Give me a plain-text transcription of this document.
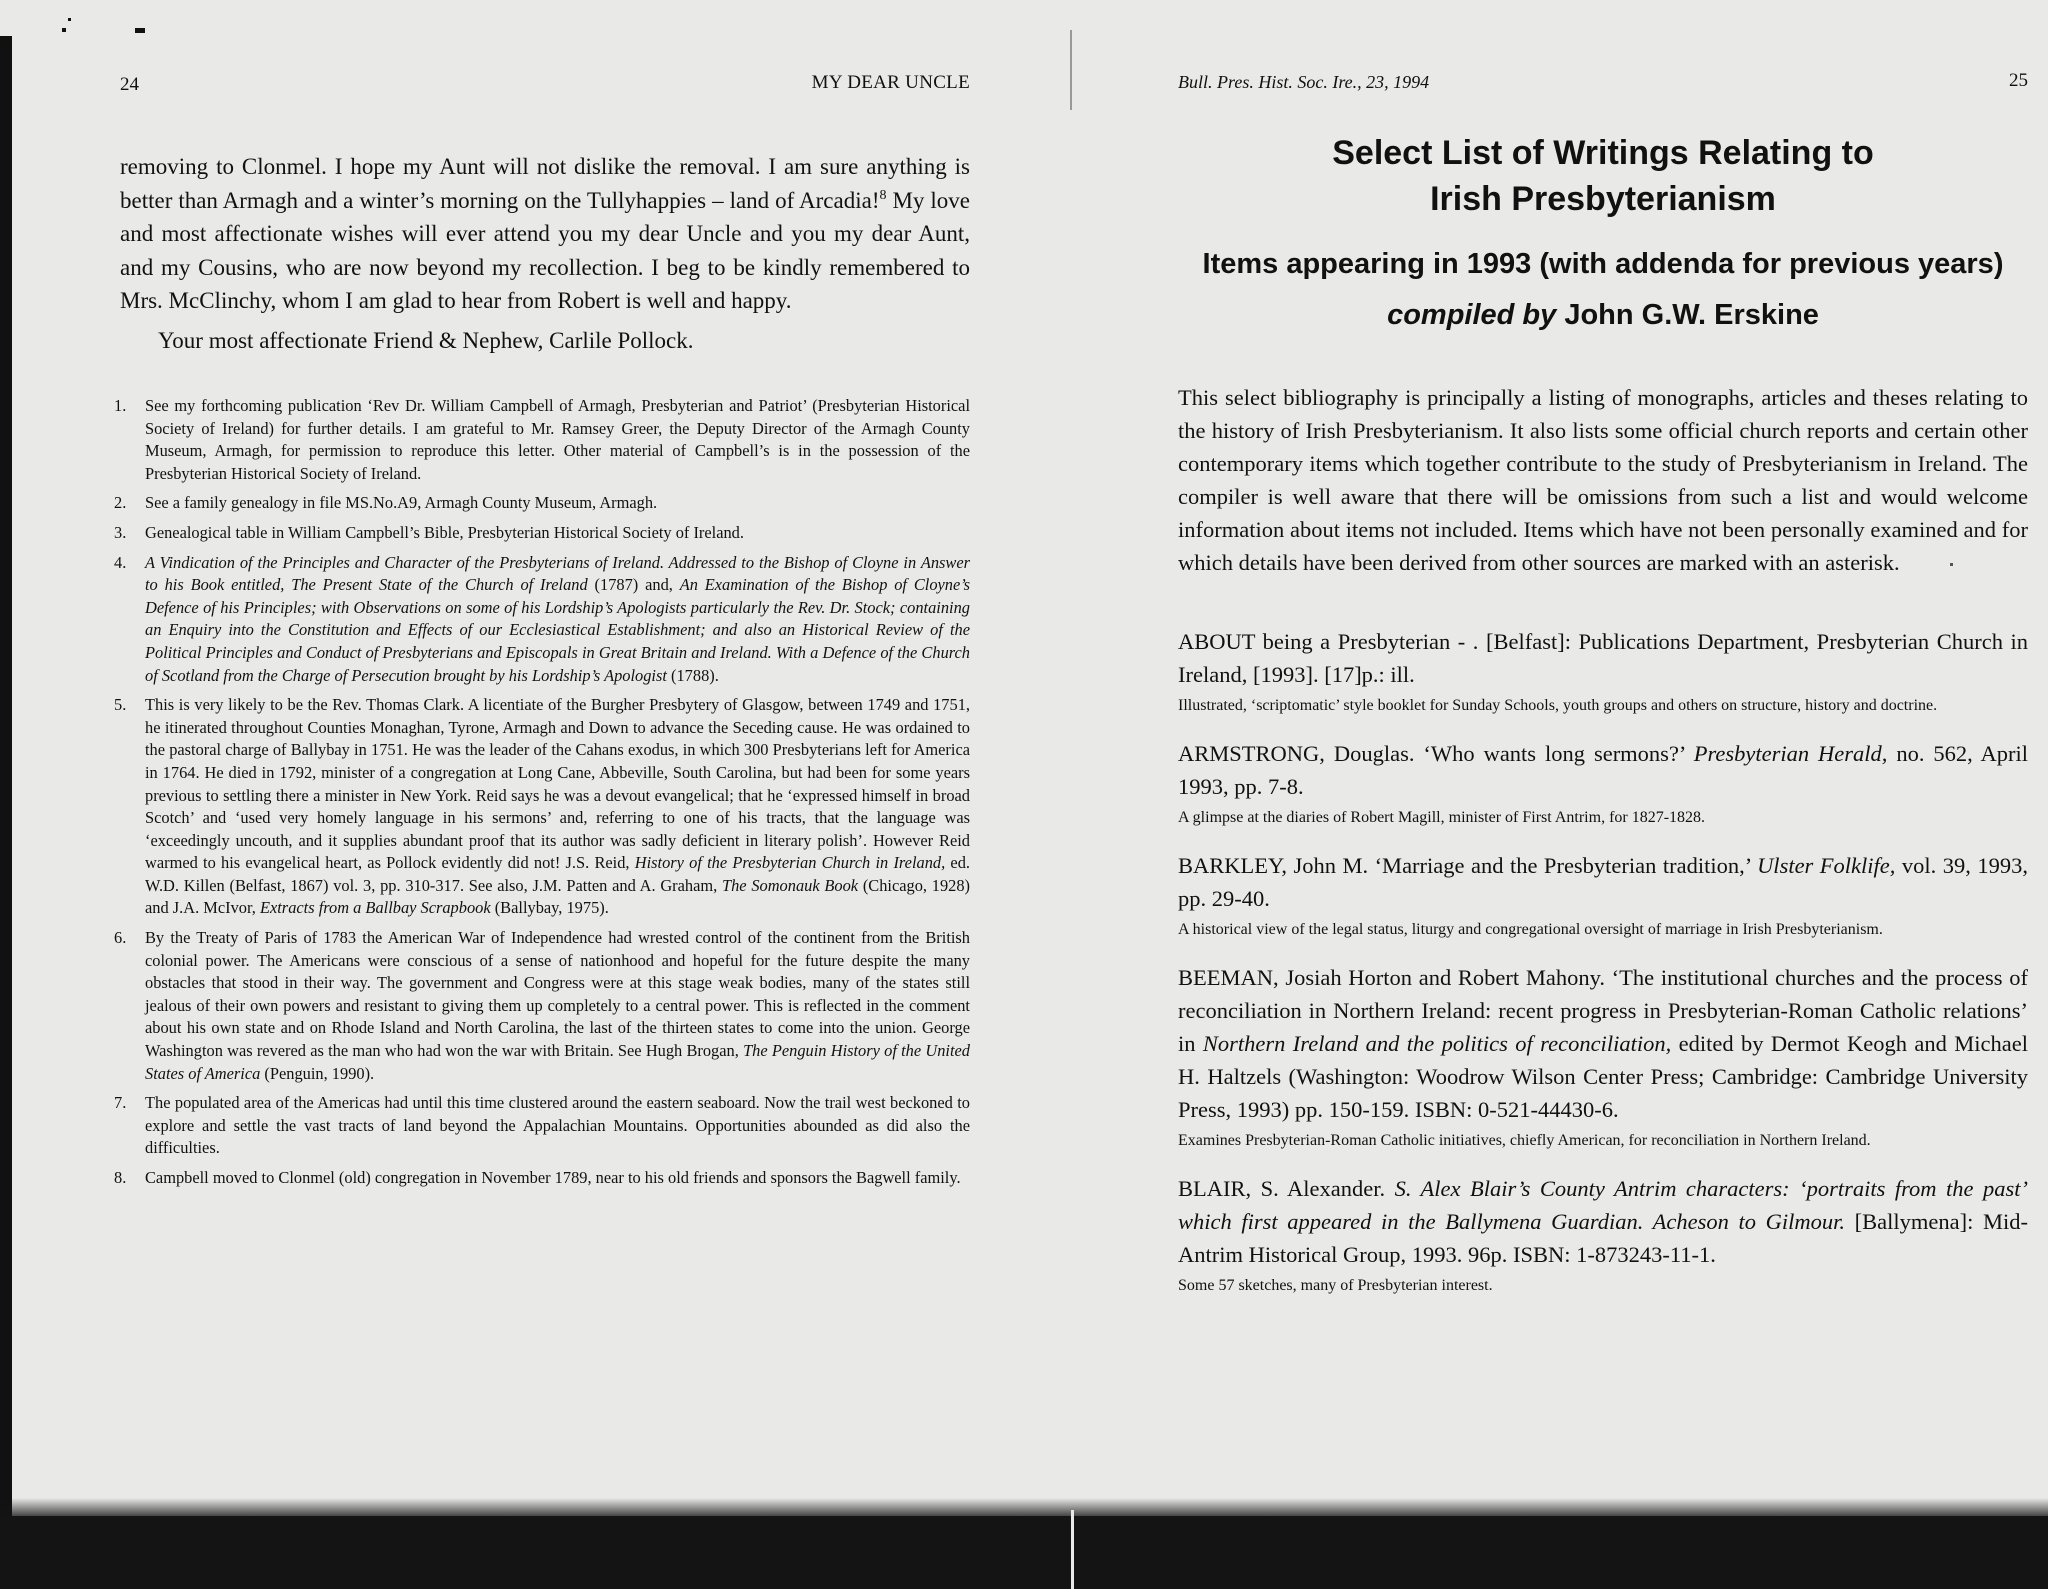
24	MY DEAR UNCLE

removing to Clonmel. I hope my Aunt will not dislike the removal. I am sure anything is better than Armagh and a winter’s morning on the Tullyhappies – land of Arcadia!$^8$ My love and most affectionate wishes will ever attend you my dear Uncle and you my dear Aunt, and my Cousins, who are now beyond my recollection. I beg to be kindly remembered to Mrs. McClinchy, whom I am glad to hear from Robert is well and happy.

Your most affectionate Friend & Nephew, Carlile Pollock.

1. See my forthcoming publication ‘Rev Dr. William Campbell of Armagh, Presbyterian and Patriot’ (Presbyterian Historical Society of Ireland) for further details. I am grateful to Mr. Ramsey Greer, the Deputy Director of the Armagh County Museum, Armagh, for permission to reproduce this letter. Other material of Campbell’s is in the possession of the Presbyterian Historical Society of Ireland.
2. See a family genealogy in file MS.No.A9, Armagh County Museum, Armagh.
3. Genealogical table in William Campbell’s Bible, Presbyterian Historical Society of Ireland.
4. A Vindication of the Principles and Character of the Presbyterians of Ireland. Addressed to the Bishop of Cloyne in Answer to his Book entitled, The Present State of the Church of Ireland (1787) and, An Examination of the Bishop of Cloyne’s Defence of his Principles; with Observations on some of his Lordship’s Apologists particularly the Rev. Dr. Stock; containing an Enquiry into the Constitution and Effects of our Ecclesiastical Establishment; and also an Historical Review of the Political Principles and Conduct of Presbyterians and Episcopals in Great Britain and Ireland. With a Defence of the Church of Scotland from the Charge of Persecution brought by his Lordship’s Apologist (1788).
5. This is very likely to be the Rev. Thomas Clark. A licentiate of the Burgher Presbytery of Glasgow, between 1749 and 1751, he itinerated throughout Counties Monaghan, Tyrone, Armagh and Down to advance the Seceding cause. He was ordained to the pastoral charge of Ballybay in 1751. He was the leader of the Cahans exodus, in which 300 Presbyterians left for America in 1764. He died in 1792, minister of a congregation at Long Cane, Abbeville, South Carolina, but had been for some years previous to settling there a minister in New York. Reid says he was a devout evangelical; that he ‘expressed himself in broad Scotch’ and ‘used very homely language in his sermons’ and, referring to one of his tracts, that the language was ‘exceedingly uncouth, and it supplies abundant proof that its author was sadly deficient in literary polish’. However Reid warmed to his evangelical heart, as Pollock evidently did not! J.S. Reid, History of the Presbyterian Church in Ireland, ed. W.D. Killen (Belfast, 1867) vol. 3, pp. 310-317. See also, J.M. Patten and A. Graham, The Somonauk Book (Chicago, 1928) and J.A. McIvor, Extracts from a Ballbay Scrapbook (Ballybay, 1975).
6. By the Treaty of Paris of 1783 the American War of Independence had wrested control of the continent from the British colonial power. The Americans were conscious of a sense of nationhood and hopeful for the future despite the many obstacles that stood in their way. The government and Congress were at this stage weak bodies, many of the states still jealous of their own powers and resistant to giving them up completely to a central power. This is reflected in the comment about his own state and on Rhode Island and North Carolina, the last of the thirteen states to come into the union. George Washington was revered as the man who had won the war with Britain. See Hugh Brogan, The Penguin History of the United States of America (Penguin, 1990).
7. The populated area of the Americas had until this time clustered around the eastern seaboard. Now the trail west beckoned to explore and settle the vast tracts of land beyond the Appalachian Mountains. Opportunities abounded as did also the difficulties.
8. Campbell moved to Clonmel (old) congregation in November 1789, near to his old friends and sponsors the Bagwell family.
Bull. Pres. Hist. Soc. Ire., 23, 1994	25
Select List of Writings Relating to
Irish Presbyterianism
Items appearing in 1993 (with addenda for previous years)
compiled by John G.W. Erskine
This select bibliography is principally a listing of monographs, articles and theses relating to the history of Irish Presbyterianism. It also lists some official church reports and certain other contemporary items which together contribute to the study of Presbyterianism in Ireland. The compiler is well aware that there will be omissions from such a list and would welcome information about items not included. Items which have not been personally examined and for which details have been derived from other sources are marked with an asterisk.
ABOUT being a Presbyterian - . [Belfast]: Publications Department, Presbyterian Church in Ireland, [1993]. [17]p.: ill.
Illustrated, ‘scriptomatic’ style booklet for Sunday Schools, youth groups and others on structure, history and doctrine.
ARMSTRONG, Douglas. ‘Who wants long sermons?’ Presbyterian Herald, no. 562, April 1993, pp. 7-8.
A glimpse at the diaries of Robert Magill, minister of First Antrim, for 1827-1828.
BARKLEY, John M. ‘Marriage and the Presbyterian tradition,’ Ulster Folklife, vol. 39, 1993, pp. 29-40.
A historical view of the legal status, liturgy and congregational oversight of marriage in Irish Presbyterianism.
BEEMAN, Josiah Horton and Robert Mahony. ‘The institutional churches and the process of reconciliation in Northern Ireland: recent progress in Presbyterian-Roman Catholic relations’ in Northern Ireland and the politics of reconciliation, edited by Dermot Keogh and Michael H. Haltzels (Washington: Woodrow Wilson Center Press; Cambridge: Cambridge University Press, 1993) pp. 150-159. ISBN: 0-521-44430-6.
Examines Presbyterian-Roman Catholic initiatives, chiefly American, for reconciliation in Northern Ireland.
BLAIR, S. Alexander. S. Alex Blair’s County Antrim characters: ‘portraits from the past’ which first appeared in the Ballymena Guardian. Acheson to Gilmour. [Ballymena]: Mid-Antrim Historical Group, 1993. 96p. ISBN: 1-873243-11-1.
Some 57 sketches, many of Presbyterian interest.
